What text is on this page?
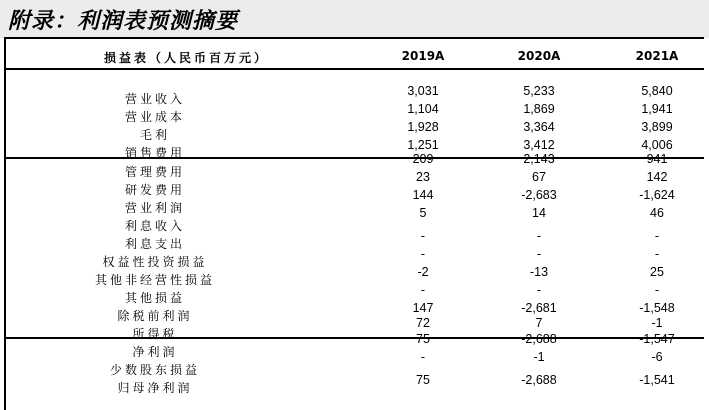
附录：利润表预测摘要
损益表（人民币百万元）	2019A	2020A	2021A
营业收入
3,031	5,233	5,840
营业成本
1,104	1,869	1,941
毛利
1,928	3,364	3,899
销售费用
1,251	3,412	4,006
管理费用
209	2,143	941
研发费用
23	67	142
营业利润
144	-2,683	-1,624
利息收入
5	14	46
利息支出
-	-	-
权益性投资损益
-	-	-
其他非经营性损益
-2	-13	25
其他损益
-	-	-
除税前利润
147	-2,681	-1,548
所得税
72	7	-1
净利润
75	-2,688	-1,547
少数股东损益
-	-1	-6
归母净利润
75	-2,688	-1,541
